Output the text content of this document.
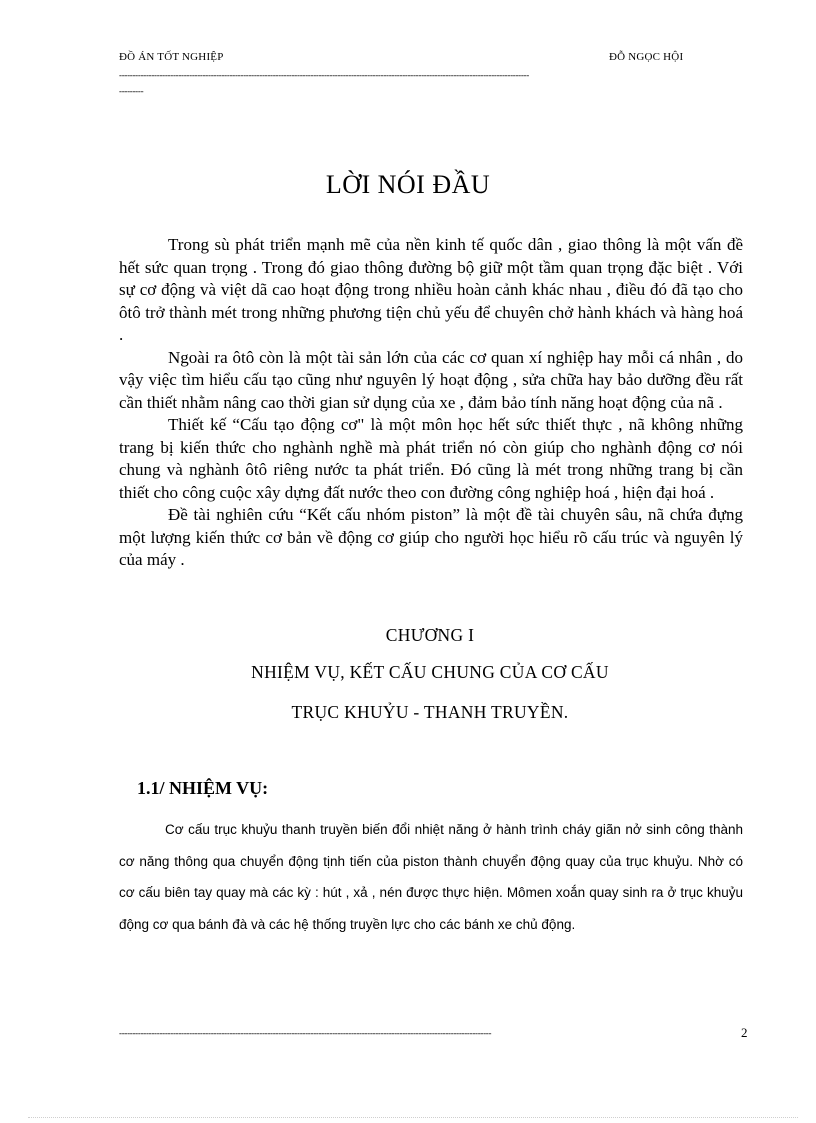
ĐỒ ÁN TỐT NGHIỆP	ĐỖ NGỌC HỘI
--------------------------------------------------------------------------------------------------------------------------------------------------------
---------
LỜI NÓI ĐẦU

Trong sù phát triển mạnh mẽ của nền kinh tế quốc dân , giao thông là một vấn đề hết sức quan trọng . Trong đó giao thông đường bộ giữ một tầm quan trọng đặc biệt . Với sự cơ động và việt dã cao hoạt động trong nhiều hoàn cảnh khác nhau , điều đó đã tạo cho ôtô trở thành mét trong những phương tiện chủ yếu để chuyên chở hành khách và hàng hoá .

Ngoài ra ôtô còn là một tài sản lớn của các cơ quan xí nghiệp hay mỗi cá nhân , do vậy việc tìm hiểu cấu tạo cũng như nguyên lý hoạt động , sửa chữa hay bảo dưỡng đều rất cần thiết nhằm nâng cao thời gian sử dụng của xe , đảm bảo tính năng hoạt động của nã .

Thiết kế “Cấu tạo động cơ" là một môn học hết sức thiết thực , nã không những trang bị kiến thức cho nghành nghề mà phát triển nó còn giúp cho nghành động cơ nói chung và nghành ôtô riêng nước ta phát triển. Đó cũng là mét trong những trang bị cần thiết cho công cuộc xây dựng đất nước theo con đường công nghiệp hoá , hiện đại hoá .

Đề tài nghiên cứu “Kết cấu nhóm piston” là một đề tài chuyên sâu, nã chứa đựng một lượng kiến thức cơ bản về động cơ giúp cho người học hiểu rõ cấu trúc và nguyên lý của máy .

CHƯƠNG I
NHIỆM VỤ, KẾT CẤU CHUNG CỦA CƠ CẤU
TRỤC KHUỶU - THANH TRUYỀN.
1.1/ NHIỆM VỤ:

Cơ cấu trục khuỷu thanh truyền biến đổi nhiệt năng ở hành trình cháy giãn nở sinh công thành cơ năng thông qua chuyển động tịnh tiến của piston thành chuyển động quay của trục khuỷu. Nhờ có cơ cấu biên tay quay mà các kỳ : hút , xả , nén được thực hiện. Mômen xoắn quay sinh ra ở trục khuỷu động cơ qua bánh đà và các hệ thống truyền lực cho các bánh xe chủ động.

------------------------------------------------------------------------------------------------------------------------------------------	2
